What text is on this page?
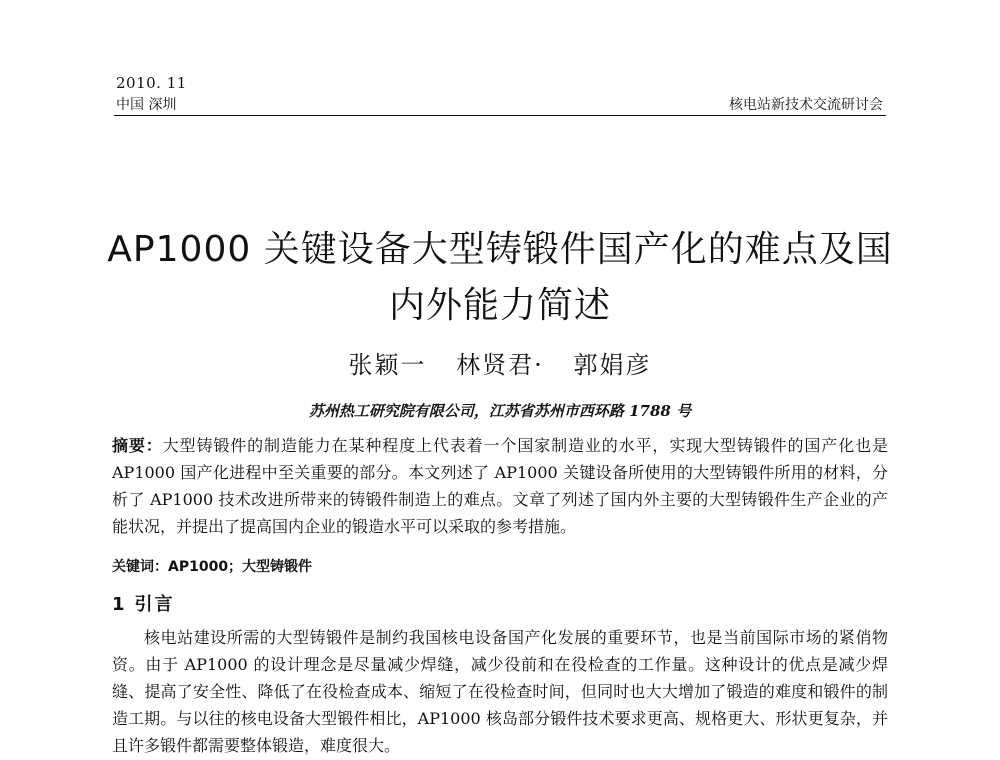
2010. 11
中国 深圳	核电站新技术交流研讨会
AP1000 关键设备大型铸锻件国产化的难点及国
内外能力简述
张颖一 林贤君· 郭娟彦
苏州热工研究院有限公司，江苏省苏州市西环路 1788 号
摘要：大型铸锻件的制造能力在某种程度上代表着一个国家制造业的水平，实现大型铸锻件的国产化也是 AP1000 国产化进程中至关重要的部分。本文列述了 AP1000 关键设备所使用的大型铸锻件所用的材料，分析了 AP1000 技术改进所带来的铸锻件制造上的难点。文章了列述了国内外主要的大型铸锻件生产企业的产能状况，并提出了提高国内企业的锻造水平可以采取的参考措施。
关键词：AP1000；大型铸锻件
1 引言
核电站建设所需的大型铸锻件是制约我国核电设备国产化发展的重要环节，也是当前国际市场的紧俏物资。由于 AP1000 的设计理念是尽量减少焊缝，减少役前和在役检查的工作量。这种设计的优点是减少焊缝、提高了安全性、降低了在役检查成本、缩短了在役检查时间，但同时也大大增加了锻造的难度和锻件的制造工期。与以往的核电设备大型锻件相比，AP1000 核岛部分锻件技术要求更高、规格更大、形状更复杂，并且许多锻件都需要整体锻造，难度很大。
